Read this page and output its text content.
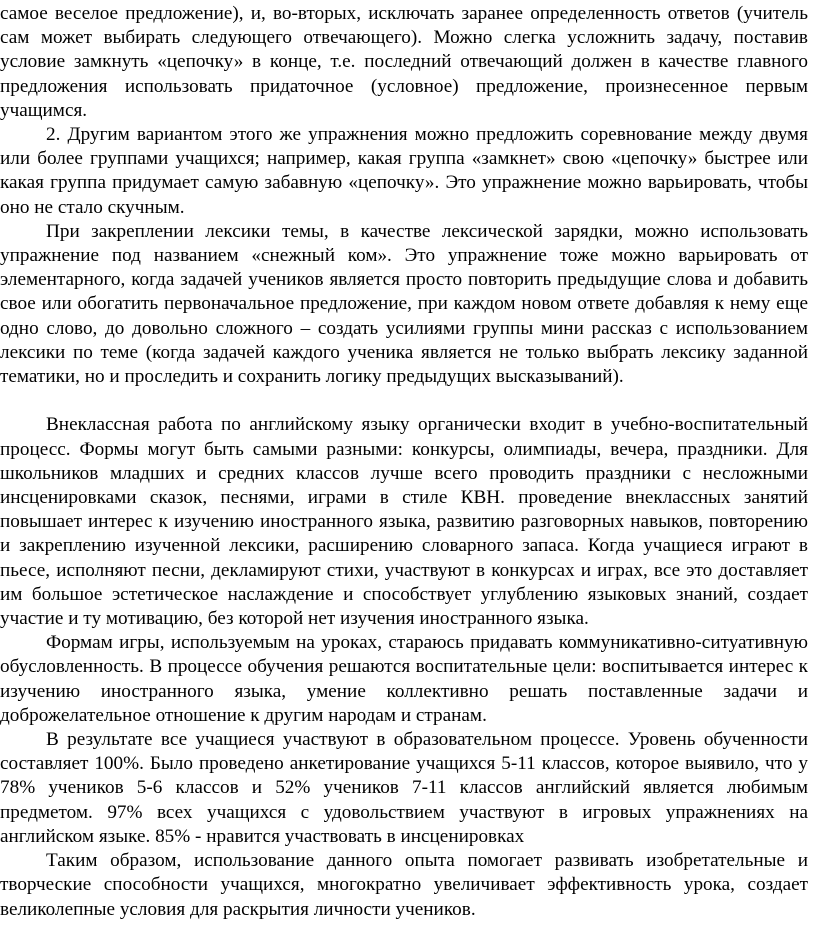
самое веселое предложение), и, во-вторых, исключать заранее определенность ответов (учитель сам может выбирать следующего отвечающего). Можно слегка усложнить задачу, поставив условие замкнуть «цепочку» в конце, т.е. последний отвечающий должен в качестве главного предложения использовать придаточное (условное) предложение, произнесенное первым учащимся.

2. Другим вариантом этого же упражнения можно предложить соревнование между двумя или более группами учащихся; например, какая группа «замкнет» свою «цепочку» быстрее или какая группа придумает самую забавную «цепочку». Это упражнение можно варьировать, чтобы оно не стало скучным.

При закреплении лексики темы, в качестве лексической зарядки, можно использовать упражнение под названием «снежный ком». Это упражнение тоже можно варьировать от элементарного, когда задачей учеников является просто повторить предыдущие слова и добавить свое или обогатить первоначальное предложение, при каждом новом ответе добавляя к нему еще одно слово, до довольно сложного – создать усилиями группы мини рассказ с использованием лексики по теме (когда задачей каждого ученика является не только выбрать лексику заданной тематики, но и проследить и сохранить логику предыдущих высказываний).

Внеклассная работа по английскому языку органически входит в учебно-воспитательный процесс. Формы могут быть самыми разными: конкурсы, олимпиады, вечера, праздники. Для школьников младших и средних классов лучше всего проводить праздники с несложными инсценировками сказок, песнями, играми в стиле КВН. проведение внеклассных занятий повышает интерес к изучению иностранного языка, развитию разговорных навыков, повторению и закреплению изученной лексики, расширению словарного запаса. Когда учащиеся играют в пьесе, исполняют песни, декламируют стихи, участвуют в конкурсах и играх, все это доставляет им большое эстетическое наслаждение и способствует углублению языковых знаний, создает участие и ту мотивацию, без которой нет изучения иностранного языка.

Формам игры, используемым на уроках, стараюсь придавать коммуникативно-ситуативную обусловленность. В процессе обучения решаются воспитательные цели: воспитывается интерес к изучению иностранного языка, умение коллективно решать поставленные задачи и доброжелательное отношение к другим народам и странам.

В результате все учащиеся участвуют в образовательном процессе. Уровень обученности составляет 100%. Было проведено анкетирование учащихся 5-11 классов, которое выявило, что у 78% учеников 5-6 классов и 52% учеников 7-11 классов английский является любимым предметом. 97% всех учащихся с удовольствием участвуют в игровых упражнениях на английском языке. 85% - нравится участвовать в инсценировках

Таким образом, использование данного опыта помогает развивать изобретательные и творческие способности учащихся, многократно увеличивает эффективность урока, создает великолепные условия для раскрытия личности учеников.
